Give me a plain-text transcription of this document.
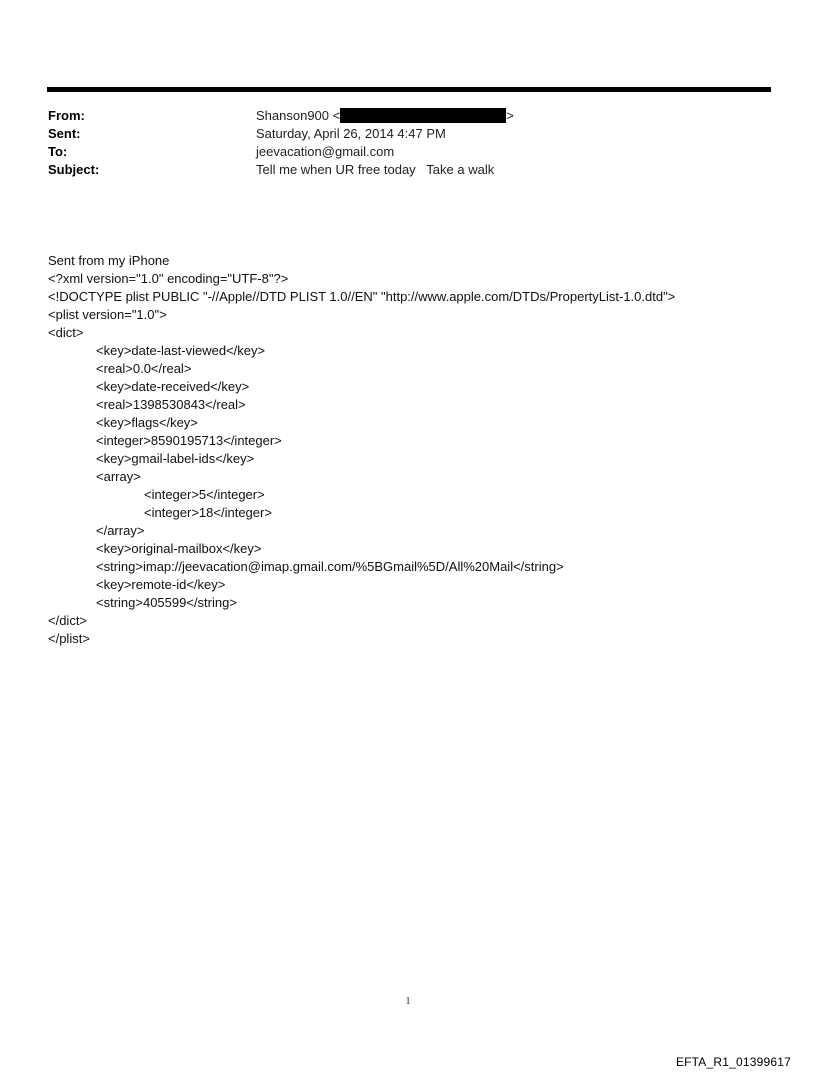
From:	Shanson900 <	>
Sent:	Saturday, April 26, 2014 4:47 PM
To:	jeevacation@gmail.com
Subject:	Tell me when UR free today   Take a walk
Sent from my iPhone
<?xml version="1.0" encoding="UTF-8"?>
<!DOCTYPE plist PUBLIC "-//Apple//DTD PLIST 1.0//EN" "http://www.apple.com/DTDs/PropertyList-1.0.dtd">
<plist version="1.0">
<dict>
<key>date-last-viewed</key>
<real>0.0</real>
<key>date-received</key>
<real>1398530843</real>
<key>flags</key>
<integer>8590195713</integer>
<key>gmail-label-ids</key>
<array>
<integer>5</integer>
<integer>18</integer>
</array>
<key>original-mailbox</key>
<string>imap://jeevacation@imap.gmail.com/%5BGmail%5D/All%20Mail</string>
<key>remote-id</key>
<string>405599</string>
</dict>
</plist>
1
EFTA_R1_01399617
